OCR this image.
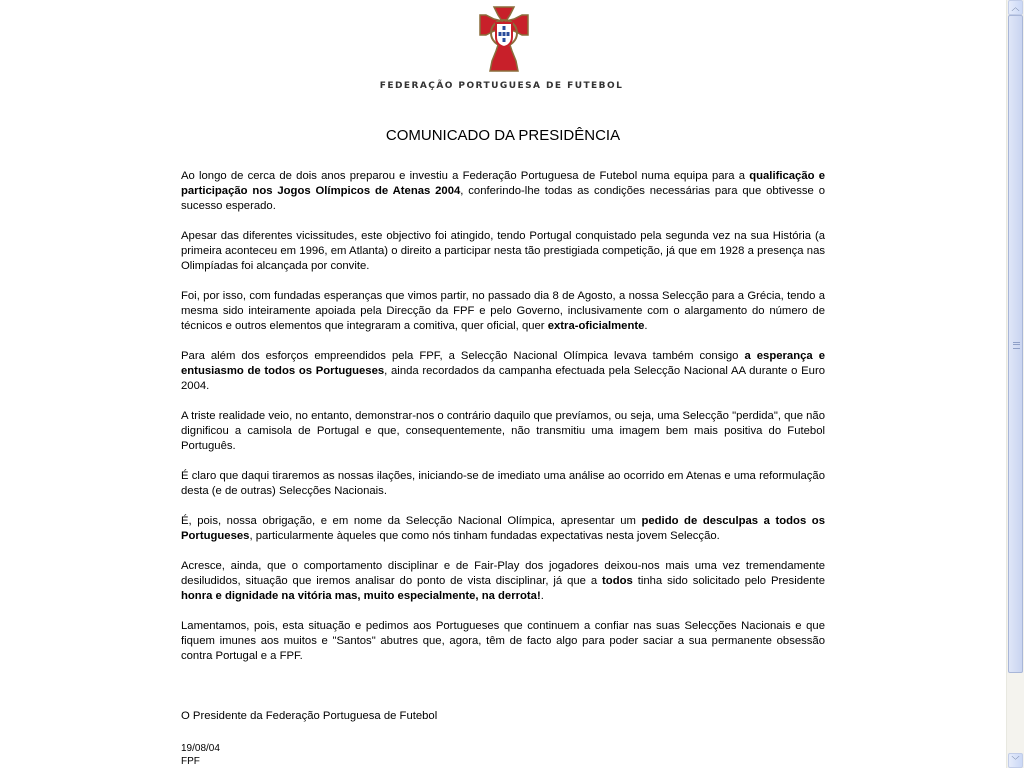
FEDERAÇÃO PORTUGUESA DE FUTEBOL
COMUNICADO DA PRESIDÊNCIA

Ao longo de cerca de dois anos preparou e investiu a Federação Portuguesa de Futebol numa equipa para a qualificação e participação nos Jogos Olímpicos de Atenas 2004, conferindo-lhe todas as condições necessárias para que obtivesse o sucesso esperado.

Apesar das diferentes vicissitudes, este objectivo foi atingido, tendo Portugal conquistado pela segunda vez na sua História (a primeira aconteceu em 1996, em Atlanta) o direito a participar nesta tão prestigiada competição, já que em 1928 a presença nas Olimpíadas foi alcançada por convite.

Foi, por isso, com fundadas esperanças que vimos partir, no passado dia 8 de Agosto, a nossa Selecção para a Grécia, tendo a mesma sido inteiramente apoiada pela Direcção da FPF e pelo Governo, inclusivamente com o alargamento do número de técnicos e outros elementos que integraram a comitiva, quer oficial, quer extra-oficialmente.

Para além dos esforços empreendidos pela FPF, a Selecção Nacional Olímpica levava também consigo a esperança e entusiasmo de todos os Portugueses, ainda recordados da campanha efectuada pela Selecção Nacional AA durante o Euro 2004.

A triste realidade veio, no entanto, demonstrar-nos o contrário daquilo que prevíamos, ou seja, uma Selecção "perdida", que não dignificou a camisola de Portugal e que, consequentemente, não transmitiu uma imagem bem mais positiva do Futebol Português.

É claro que daqui tiraremos as nossas ilações, iniciando-se de imediato uma análise ao ocorrido em Atenas e uma reformulação desta (e de outras) Selecções Nacionais.

É, pois, nossa obrigação, e em nome da Selecção Nacional Olímpica, apresentar um pedido de desculpas a todos os Portugueses, particularmente àqueles que como nós tinham fundadas expectativas nesta jovem Selecção.

Acresce, ainda, que o comportamento disciplinar e de Fair-Play dos jogadores deixou-nos mais uma vez tremendamente desiludidos, situação que iremos analisar do ponto de vista disciplinar, já que a todos tinha sido solicitado pelo Presidente honra e dignidade na vitória mas, muito especialmente, na derrota!.

Lamentamos, pois, esta situação e pedimos aos Portugueses que continuem a confiar nas suas Selecções Nacionais e que fiquem imunes aos muitos e "Santos" abutres que, agora, têm de facto algo para poder saciar a sua permanente obsessão contra Portugal e a FPF.

O Presidente da Federação Portuguesa de Futebol
19/08/04
FPF
︿
﹀
